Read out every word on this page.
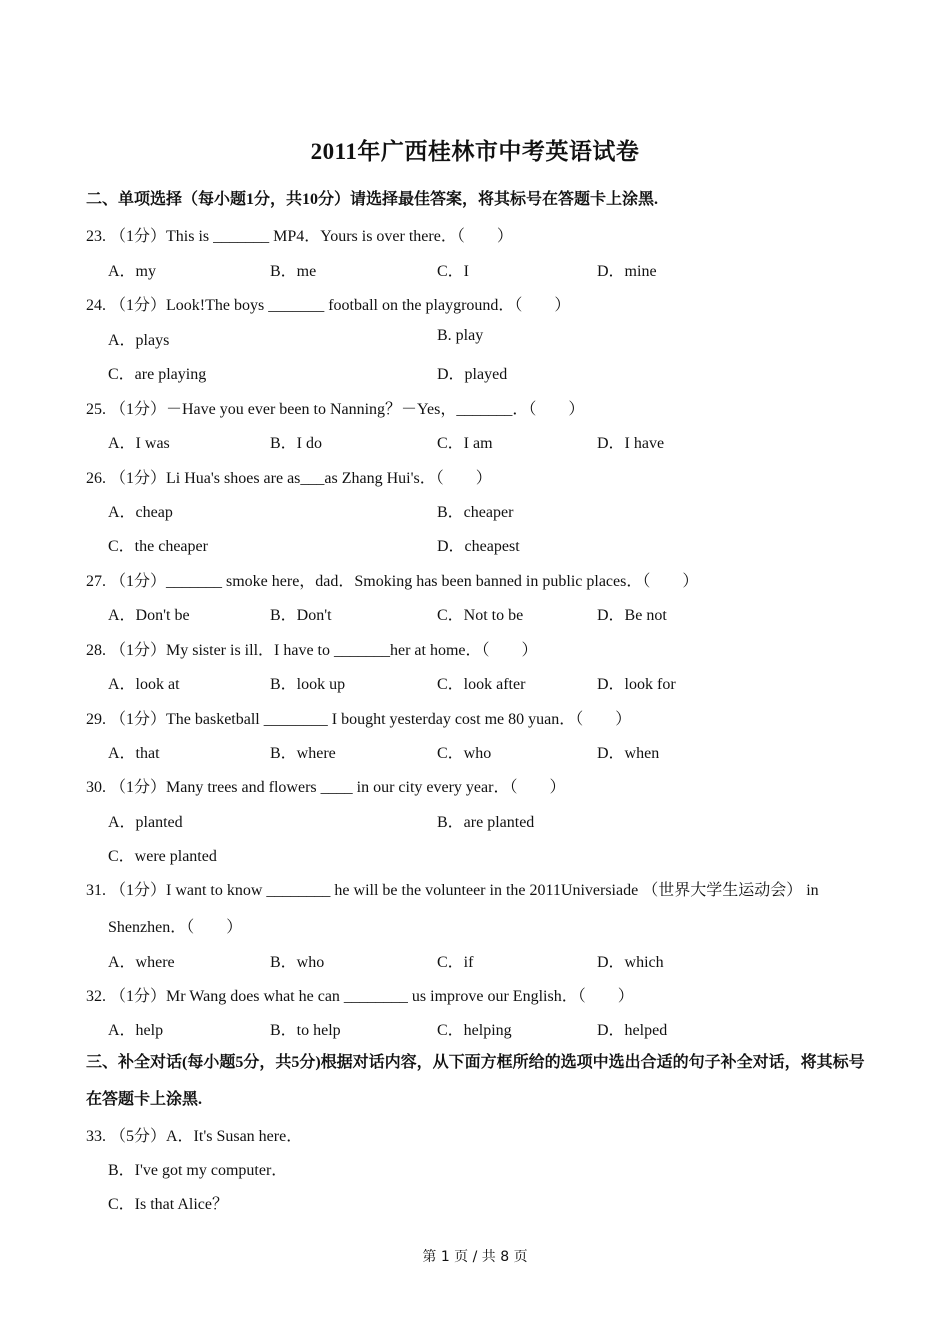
2011年广西桂林市中考英语试卷
二、单项选择（每小题1分，共10分）请选择最佳答案，将其标号在答题卡上涂黑.
23. （1分）This is _______ MP4．Yours is over there．（　　）
A．my	B．me	C．I	D．mine
24. （1分）Look!The boys _______ football on the playground．（　　）
A．plays	B. play
C．are playing	D．played
25. （1分）－Have you ever been to Nanning？－Yes，_______．（　　）
A．I was	B．I do	C．I am	D．I have
26. （1分）Li Hua's shoes are as___as Zhang Hui's．（　　）
A．cheap	B．cheaper
C．the cheaper	D．cheapest
27. （1分）_______ smoke here，dad．Smoking has been banned in public places．（　　）
A．Don't be	B．Don't	C．Not to be	D．Be not
28. （1分）My sister is ill．I have to _______her at home．（　　）
A．look at	B．look up	C．look after	D．look for
29. （1分）The basketball ________ I bought yesterday cost me 80 yuan．（　　）
A．that	B．where	C．who	D．when
30. （1分）Many trees and flowers ____ in our city every year．（　　）
A．planted	B．are planted
C．were planted
31. （1分）I want to know ________ he will be the volunteer in the 2011Universiade （世界大学生运动会） in
Shenzhen．（　　）
A．where	B．who	C．if	D．which
32. （1分）Mr Wang does what he can ________ us improve our English．（　　）
A．help	B．to help	C．helping	D．helped
三、补全对话(每小题5分，共5分)根据对话内容，从下面方框所给的选项中选出合适的句子补全对话，将其标号在答题卡上涂黑.
33. （5分）A．It's Susan here．
B．I've got my computer．
C．Is that Alice？
第 1 页 / 共 8 页
